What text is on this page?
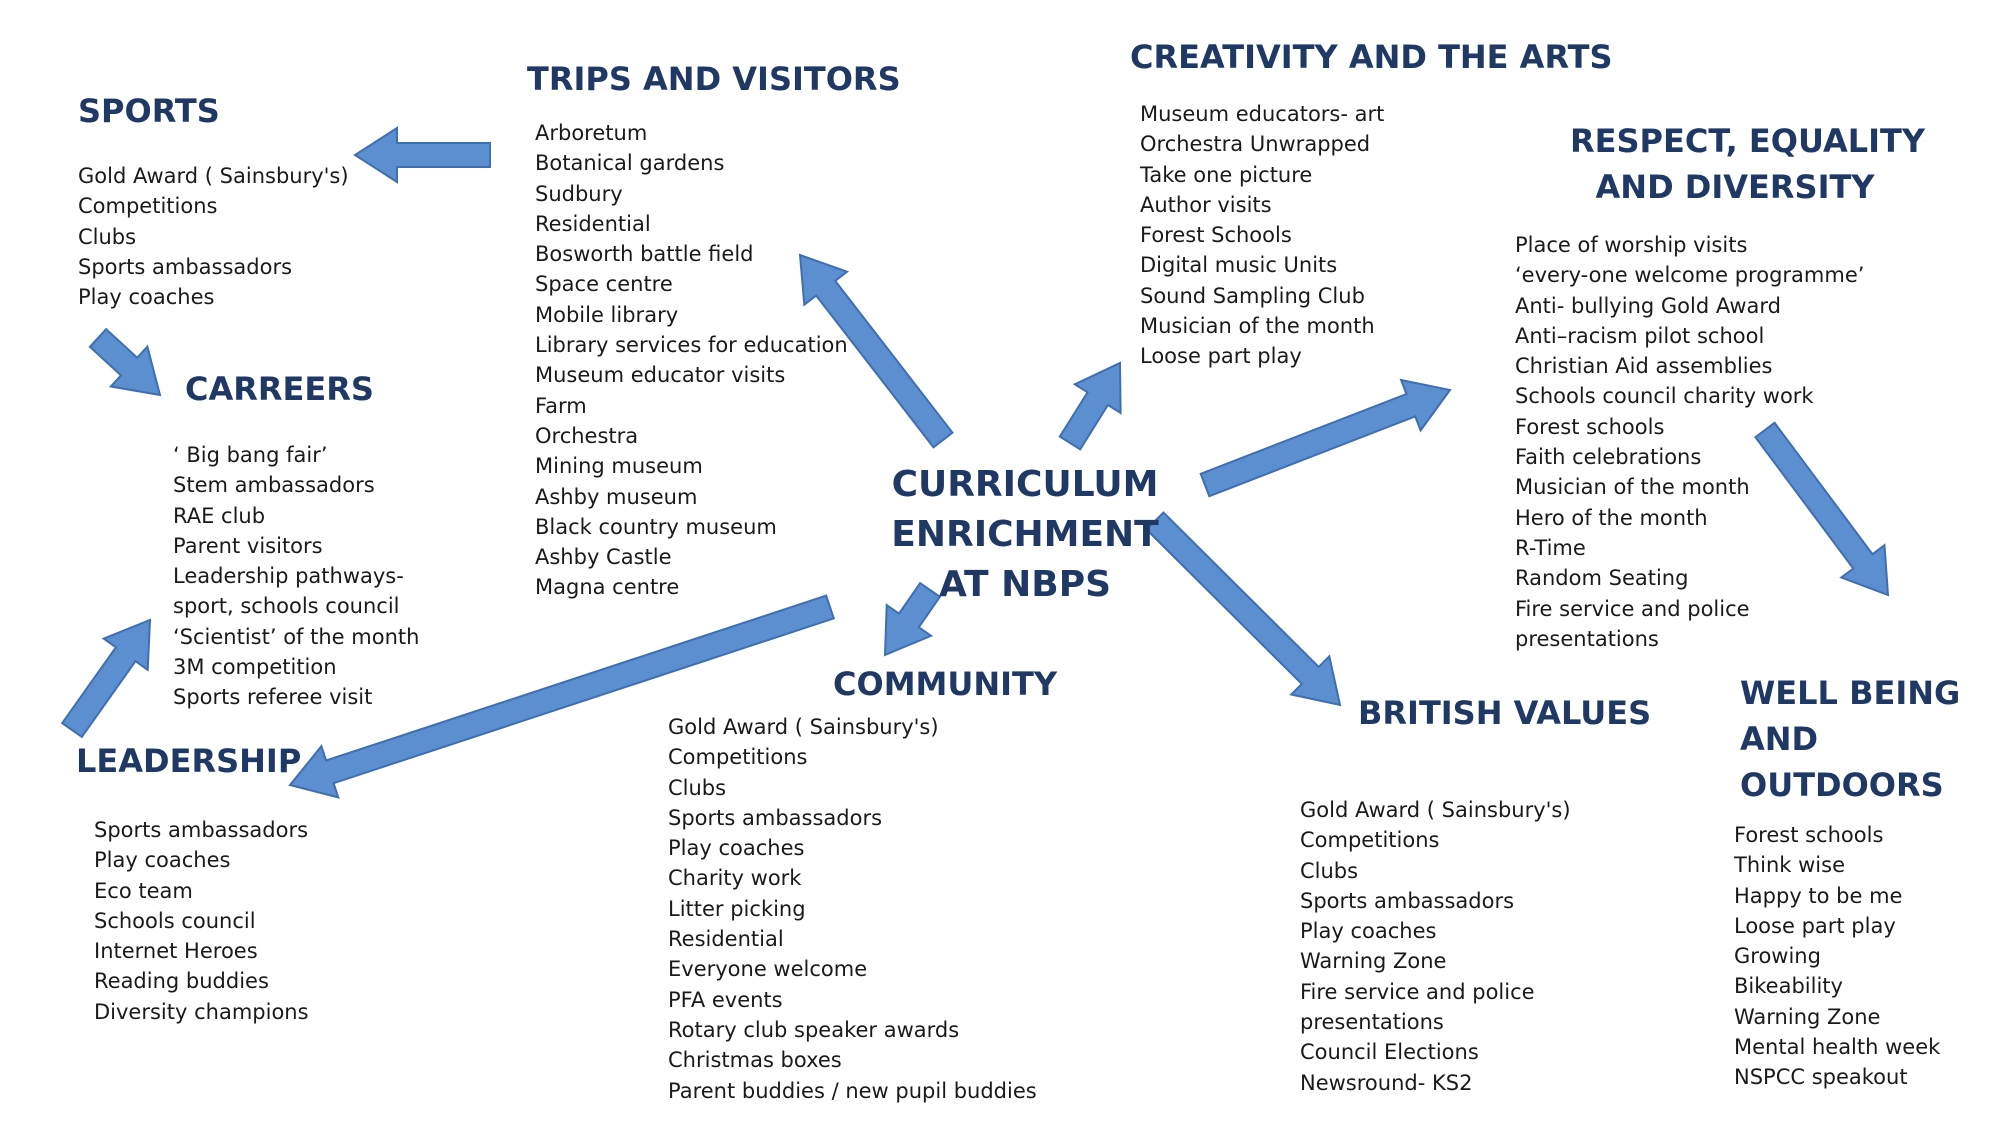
CURRICULUM
ENRICHMENT
AT NBPS
SPORTS
Gold Award ( Sainsbury's)
Competitions
Clubs
Sports ambassadors
Play coaches
TRIPS AND VISITORS
Arboretum
Botanical gardens
Sudbury
Residential
Bosworth battle field
Space centre
Mobile library
Library services for education
Museum educator visits
Farm
Orchestra
Mining museum
Ashby museum
Black country museum
Ashby Castle
Magna centre
CREATIVITY AND THE ARTS
Museum educators- art
Orchestra Unwrapped
Take one picture
Author visits
Forest Schools
Digital music Units
Sound Sampling Club
Musician of the month
Loose part play
RESPECT, EQUALITY
AND DIVERSITY
Place of worship visits
‘every-one welcome programme’
Anti- bullying Gold Award
Anti–racism pilot school
Christian Aid assemblies
Schools council charity work
Forest schools
Faith celebrations
Musician of the month
Hero of the month
R-Time
Random Seating
Fire service and police
presentations
CARREERS
‘ Big bang fair’
Stem ambassadors
RAE club
Parent visitors
Leadership pathways-
sport, schools council
‘Scientist’ of the month
3M competition
Sports referee visit
LEADERSHIP
Sports ambassadors
Play coaches
Eco team
Schools council
Internet Heroes
Reading buddies
Diversity champions
COMMUNITY
Gold Award ( Sainsbury's)
Competitions
Clubs
Sports ambassadors
Play coaches
Charity work
Litter picking
Residential
Everyone welcome
PFA events
Rotary club speaker awards
Christmas boxes
Parent buddies / new pupil buddies
BRITISH VALUES
Gold Award ( Sainsbury's)
Competitions
Clubs
Sports ambassadors
Play coaches
Warning Zone
Fire service and police
presentations
Council Elections
Newsround- KS2
WELL BEING
AND
OUTDOORS
Forest schools
Think wise
Happy to be me
Loose part play
Growing
Bikeability
Warning Zone
Mental health week
NSPCC speakout
